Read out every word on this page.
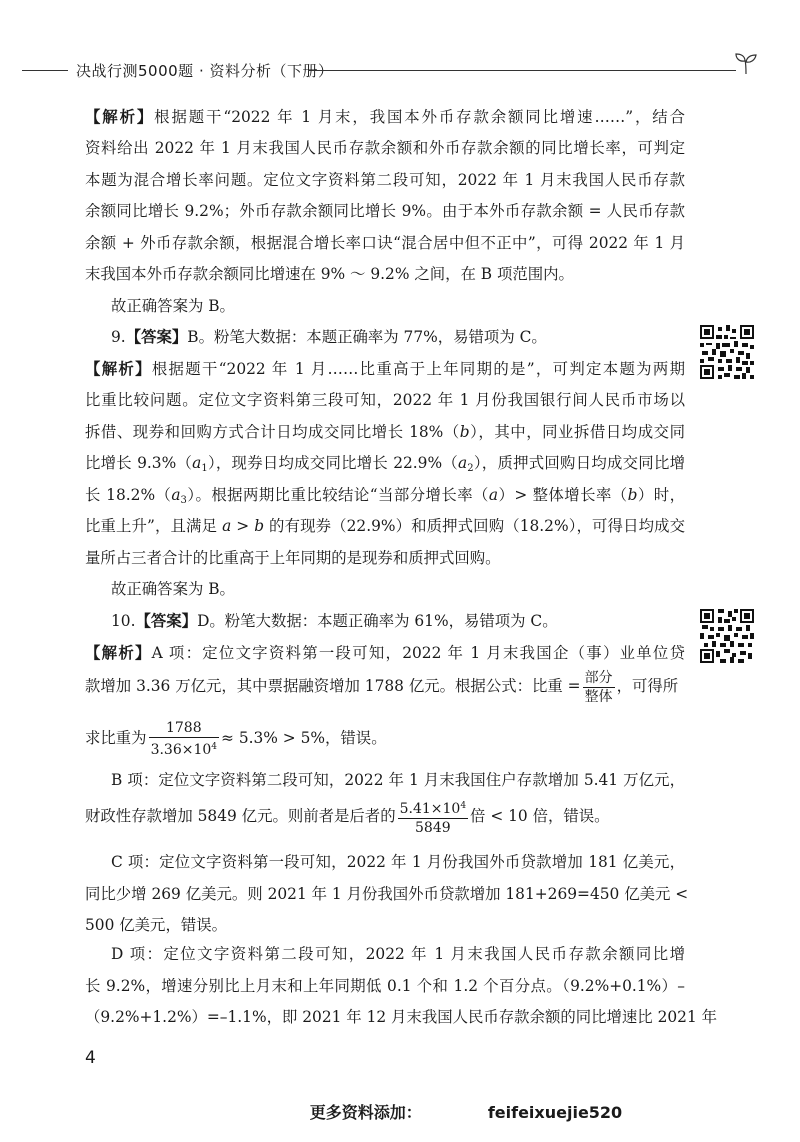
决战行测5000题 · 资料分析（下册）
【解析】根据题干“2022 年 1 月末，我国本外币存款余额同比增速……”，结合
资料给出 2022 年 1 月末我国人民币存款余额和外币存款余额的同比增长率，可判定
本题为混合增长率问题。定位文字资料第二段可知，2022 年 1 月末我国人民币存款
余额同比增长 9.2%；外币存款余额同比增长 9%。由于本外币存款余额 = 人民币存款
余额 + 外币存款余额，根据混合增长率口诀“混合居中但不正中”，可得 2022 年 1 月
末我国本外币存款余额同比增速在 9% ～ 9.2% 之间，在 B 项范围内。
故正确答案为 B。
9.【答案】B。粉笔大数据：本题正确率为 77%，易错项为 C。
【解析】根据题干“2022 年 1 月……比重高于上年同期的是”，可判定本题为两期
比重比较问题。定位文字资料第三段可知，2022 年 1 月份我国银行间人民币市场以
拆借、现券和回购方式合计日均成交同比增长 18%（b），其中，同业拆借日均成交同
比增长 $9.3\%(a_1)$，现券日均成交同比增长 $22.9\%(a_2)$，质押式回购日均成交同比增
长 $18.2\%(a_3)$。根据两期比重比较结论“当部分增长率（a）> 整体增长率（b）时，
比重上升”，且满足 a > b 的有现券（22.9%）和质押式回购（18.2%），可得日均成交
量所占三者合计的比重高于上年同期的是现券和质押式回购。
故正确答案为 B。
10.【答案】D。粉笔大数据：本题正确率为 61%，易错项为 C。
【解析】A 项：定位文字资料第一段可知，2022 年 1 月末我国企（事）业单位贷
款增加 3.36 万亿元，其中票据融资增加 1788 亿元。根据公式：比重 = $\frac{\text{部分}}{\text{整体}}$ ，可得所
求比重为 $\frac{1788}{3.36\times 10^4} \approx 5.3\% > 5\%$，错误。
B 项：定位文字资料第二段可知，2022 年 1 月末我国住户存款增加 5.41 万亿元，
财政性存款增加 5849 亿元。则前者是后者的 $\frac{5.41\times 10^4}{5849}$ 倍 < 10 倍，错误。
C 项：定位文字资料第一段可知，2022 年 1 月份我国外币贷款增加 181 亿美元，
同比少增 269 亿美元。则 2021 年 1 月份我国外币贷款增加 181+269=450 亿美元 <
500 亿美元，错误。
D 项：定位文字资料第二段可知，2022 年 1 月末我国人民币存款余额同比增
长 9.2%，增速分别比上月末和上年同期低 0.1 个和 1.2 个百分点。（9.2%+0.1%）–
（9.2%+1.2%）=–1.1%，即 2021 年 12 月末我国人民币存款余额的同比增速比 2021 年
4
更多资料添加：	feifeixuejie520
